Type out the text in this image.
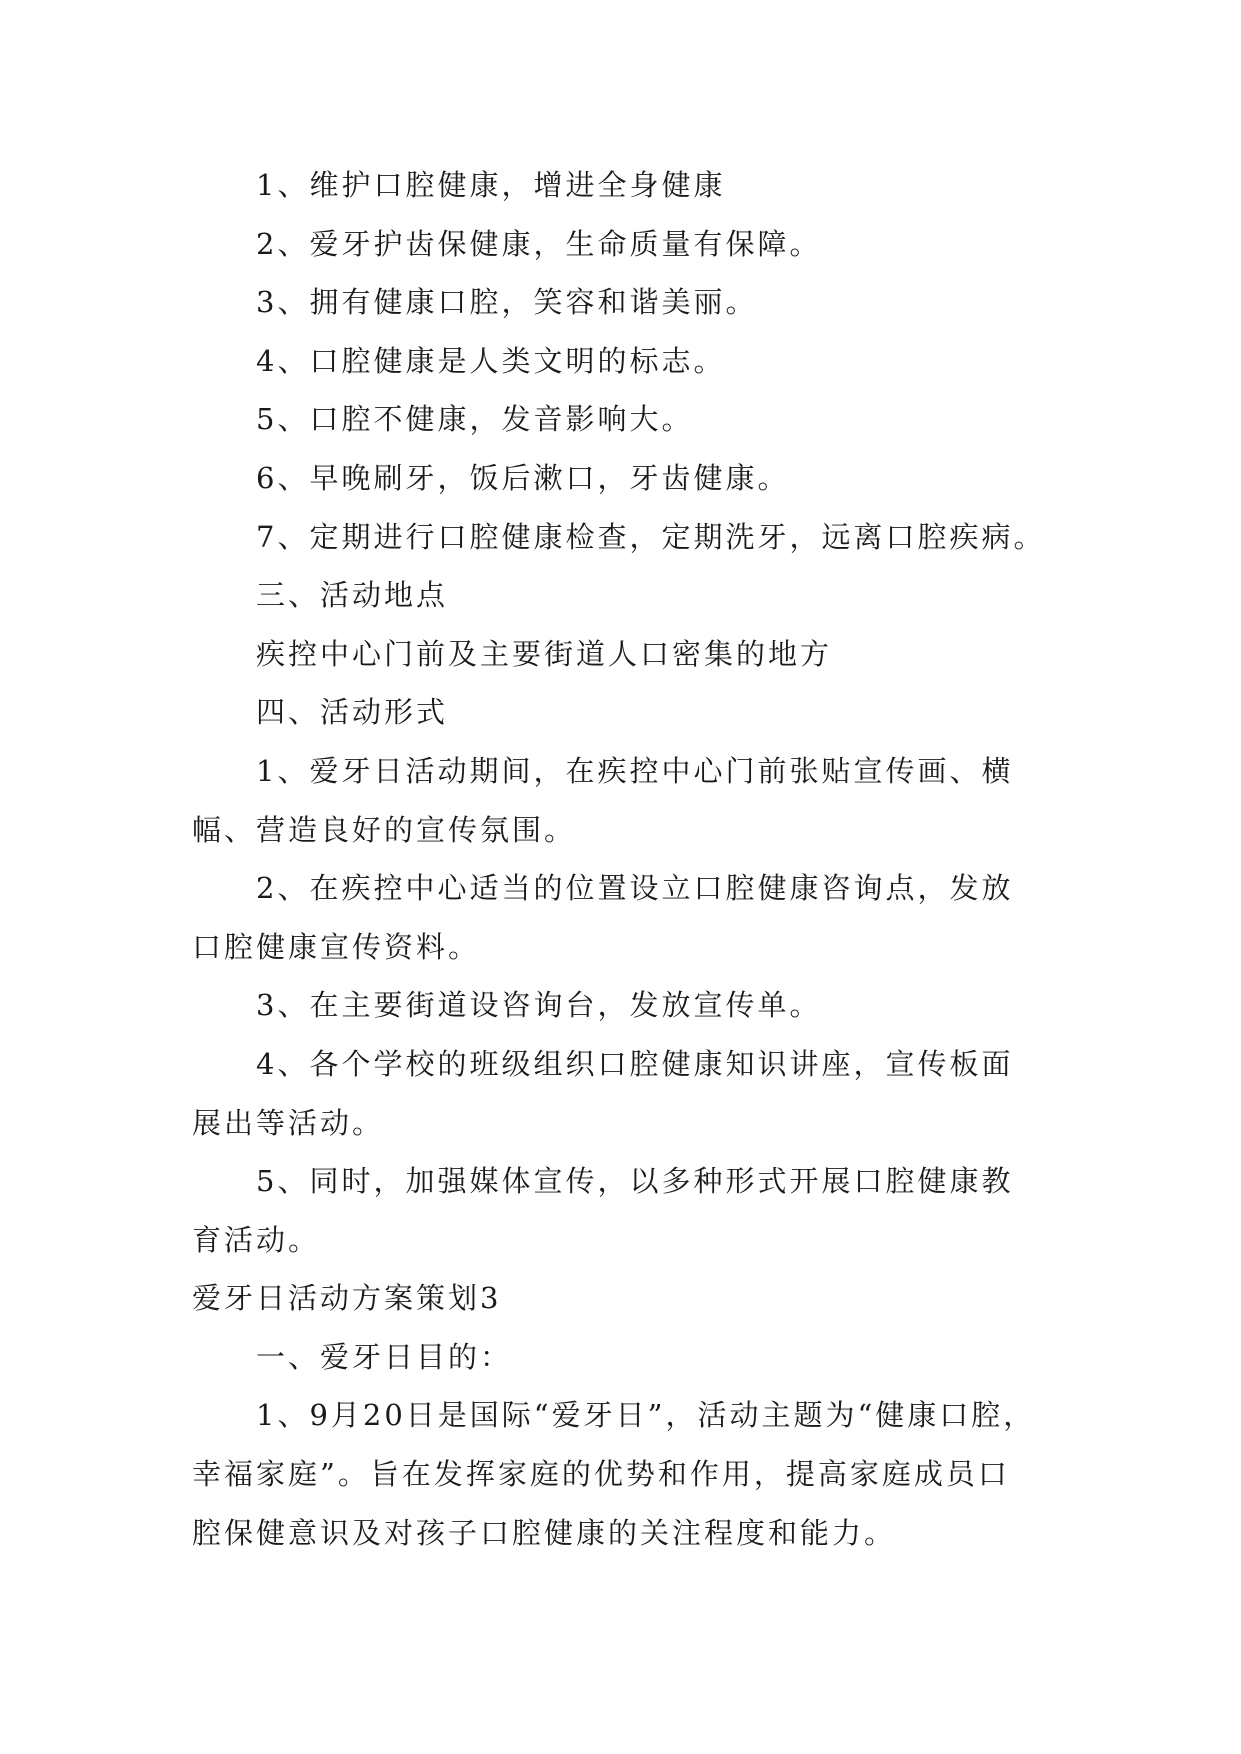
1、维护口腔健康，增进全身健康
2、爱牙护齿保健康，生命质量有保障。
3、拥有健康口腔，笑容和谐美丽。
4、口腔健康是人类文明的标志。
5、口腔不健康，发音影响大。
6、早晚刷牙，饭后漱口，牙齿健康。
7、定期进行口腔健康检查，定期洗牙，远离口腔疾病。
三、活动地点
疾控中心门前及主要街道人口密集的地方
四、活动形式
1、爱牙日活动期间，在疾控中心门前张贴宣传画、横
幅、营造良好的宣传氛围。
2、在疾控中心适当的位置设立口腔健康咨询点，发放
口腔健康宣传资料。
3、在主要街道设咨询台，发放宣传单。
4、各个学校的班级组织口腔健康知识讲座，宣传板面
展出等活动。
5、同时，加强媒体宣传，以多种形式开展口腔健康教
育活动。
爱牙日活动方案策划3
一、爱牙日目的：
1、9月20日是国际“爱牙日”，活动主题为“健康口腔，
幸福家庭”。旨在发挥家庭的优势和作用，提高家庭成员口
腔保健意识及对孩子口腔健康的关注程度和能力。
